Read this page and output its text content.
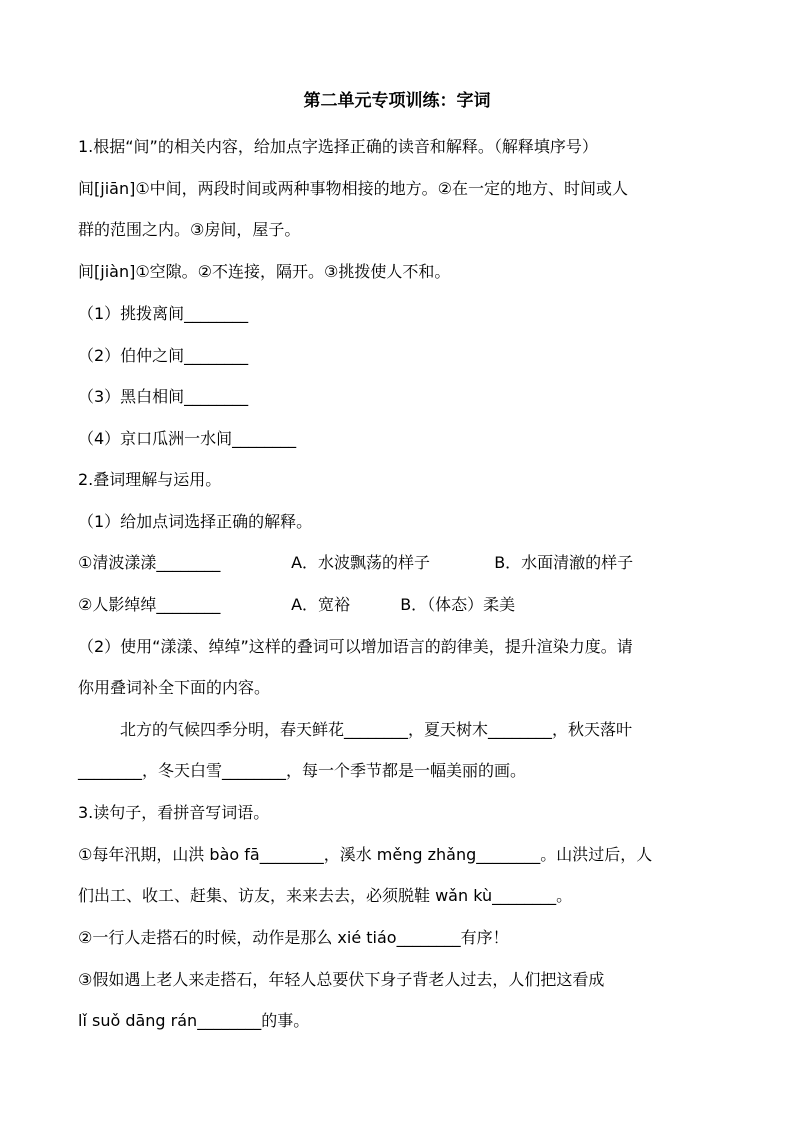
第二单元专项训练：字词
1.根据“间”的相关内容，给加点字选择正确的读音和解释。（解释填序号）
间[jiān]①中间，两段时间或两种事物相接的地方。②在一定的地方、时间或人
群的范围之内。③房间，屋子。
间[jiàn]①空隙。②不连接，隔开。③挑拨使人不和。
（1）挑拨离间________
（2）伯仲之间________
（3）黑白相间________
（4）京口瓜洲一水间________
2.叠词理解与运用。
（1）给加点词选择正确的解释。
①清波漾漾________	A．水波飘荡的样子	B．水面清澈的样子
②人影绰绰________	A．宽裕	B．（体态）柔美
（2）使用“漾漾、绰绰”这样的叠词可以增加语言的韵律美，提升渲染力度。请
你用叠词补全下面的内容。
北方的气候四季分明，春天鲜花________，夏天树木________，秋天落叶
________，冬天白雪________，每一个季节都是一幅美丽的画。
3.读句子，看拼音写词语。
①每年汛期，山洪 bào fā________，溪水 měng zhǎng________。山洪过后，人
们出工、收工、赶集、访友，来来去去，必须脱鞋 wǎn kù________。
②一行人走搭石的时候，动作是那么 xié tiáo________有序！
③假如遇上老人来走搭石，年轻人总要伏下身子背老人过去，人们把这看成
lǐ suǒ dāng rán________的事。
